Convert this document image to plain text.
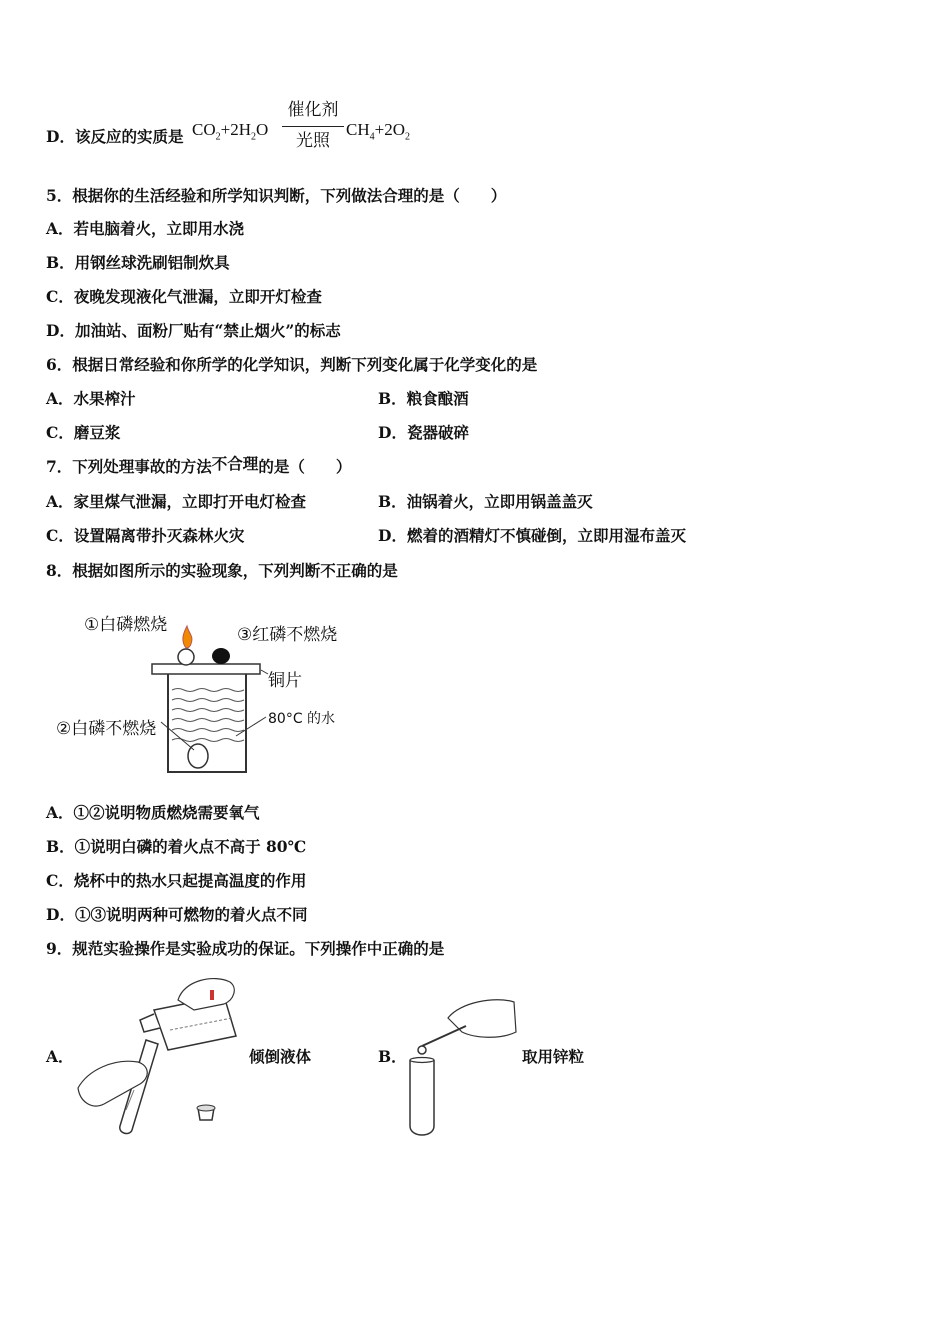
D．该反应的实质是 $CO_2+2H_2O$
催化剂
光照
$CH_4+2O_2$
5．根据你的生活经验和所学知识判断，下列做法合理的是（　　）
A．若电脑着火，立即用水浇
B．用钢丝球洗刷铝制炊具
C．夜晚发现液化气泄漏，立即开灯检查
D．加油站、面粉厂贴有“禁止烟火”的标志
6．根据日常经验和你所学的化学知识，判断下列变化属于化学变化的是
A．水果榨汁	B．粮食酿酒
C．磨豆浆	D．瓷器破碎
7．下列处理事故的方法不合理的是（　　）
A．家里煤气泄漏，立即打开电灯检查	B．油锅着火，立即用锅盖盖灭
C．设置隔离带扑灭森林火灾	D．燃着的酒精灯不慎碰倒，立即用湿布盖灭
8．根据如图所示的实验现象，下列判断不正确的是
①白磷燃烧	③红磷不燃烧
铜片
②白磷不燃烧	80°C 的水
A．①②说明物质燃烧需要氧气
B．①说明白磷的着火点不高于 80℃
C．烧杯中的热水只起提高温度的作用
D．①③说明两种可燃物的着火点不同
9．规范实验操作是实验成功的保证。下列操作中正确的是
A．	倾倒液体	B．	取用锌粒
